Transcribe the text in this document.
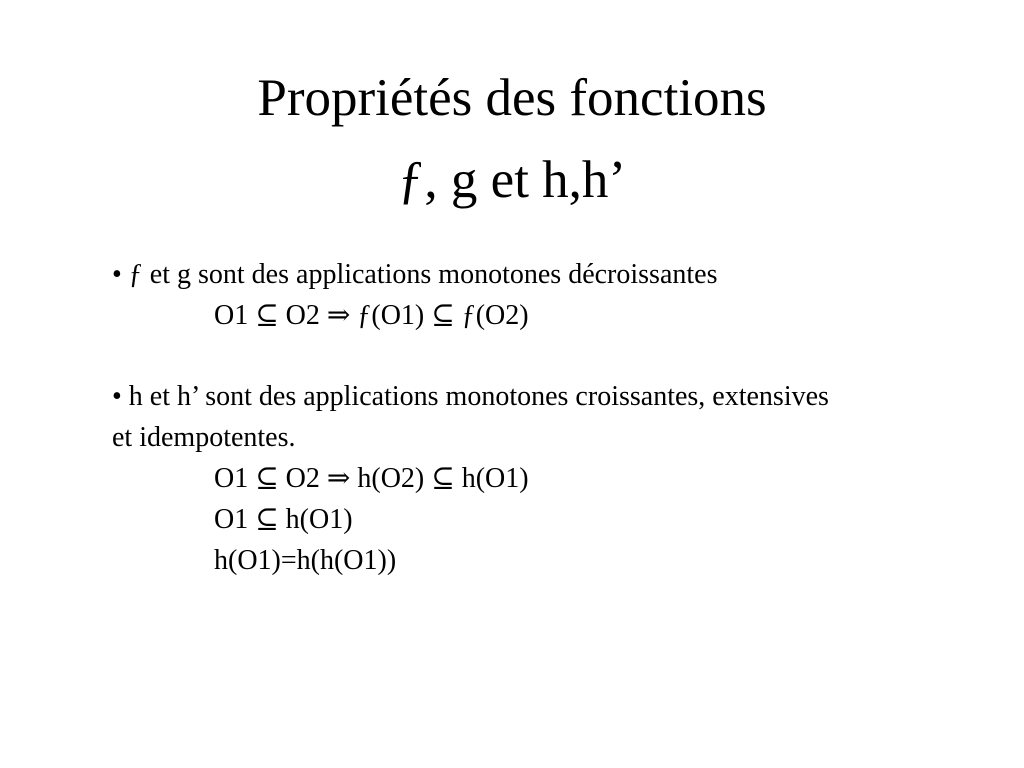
Propriétés des fonctions
ƒ, g et h,h’
• ƒ et g sont des applications monotones décroissantes
O1 ⊆ O2 ⇒ ƒ(O1) ⊆ ƒ(O2)
• h et h’ sont des applications monotones croissantes, extensives
et idempotentes.
O1 ⊆ O2 ⇒ h(O2) ⊆ h(O1)
O1 ⊆ h(O1)
h(O1)=h(h(O1))
